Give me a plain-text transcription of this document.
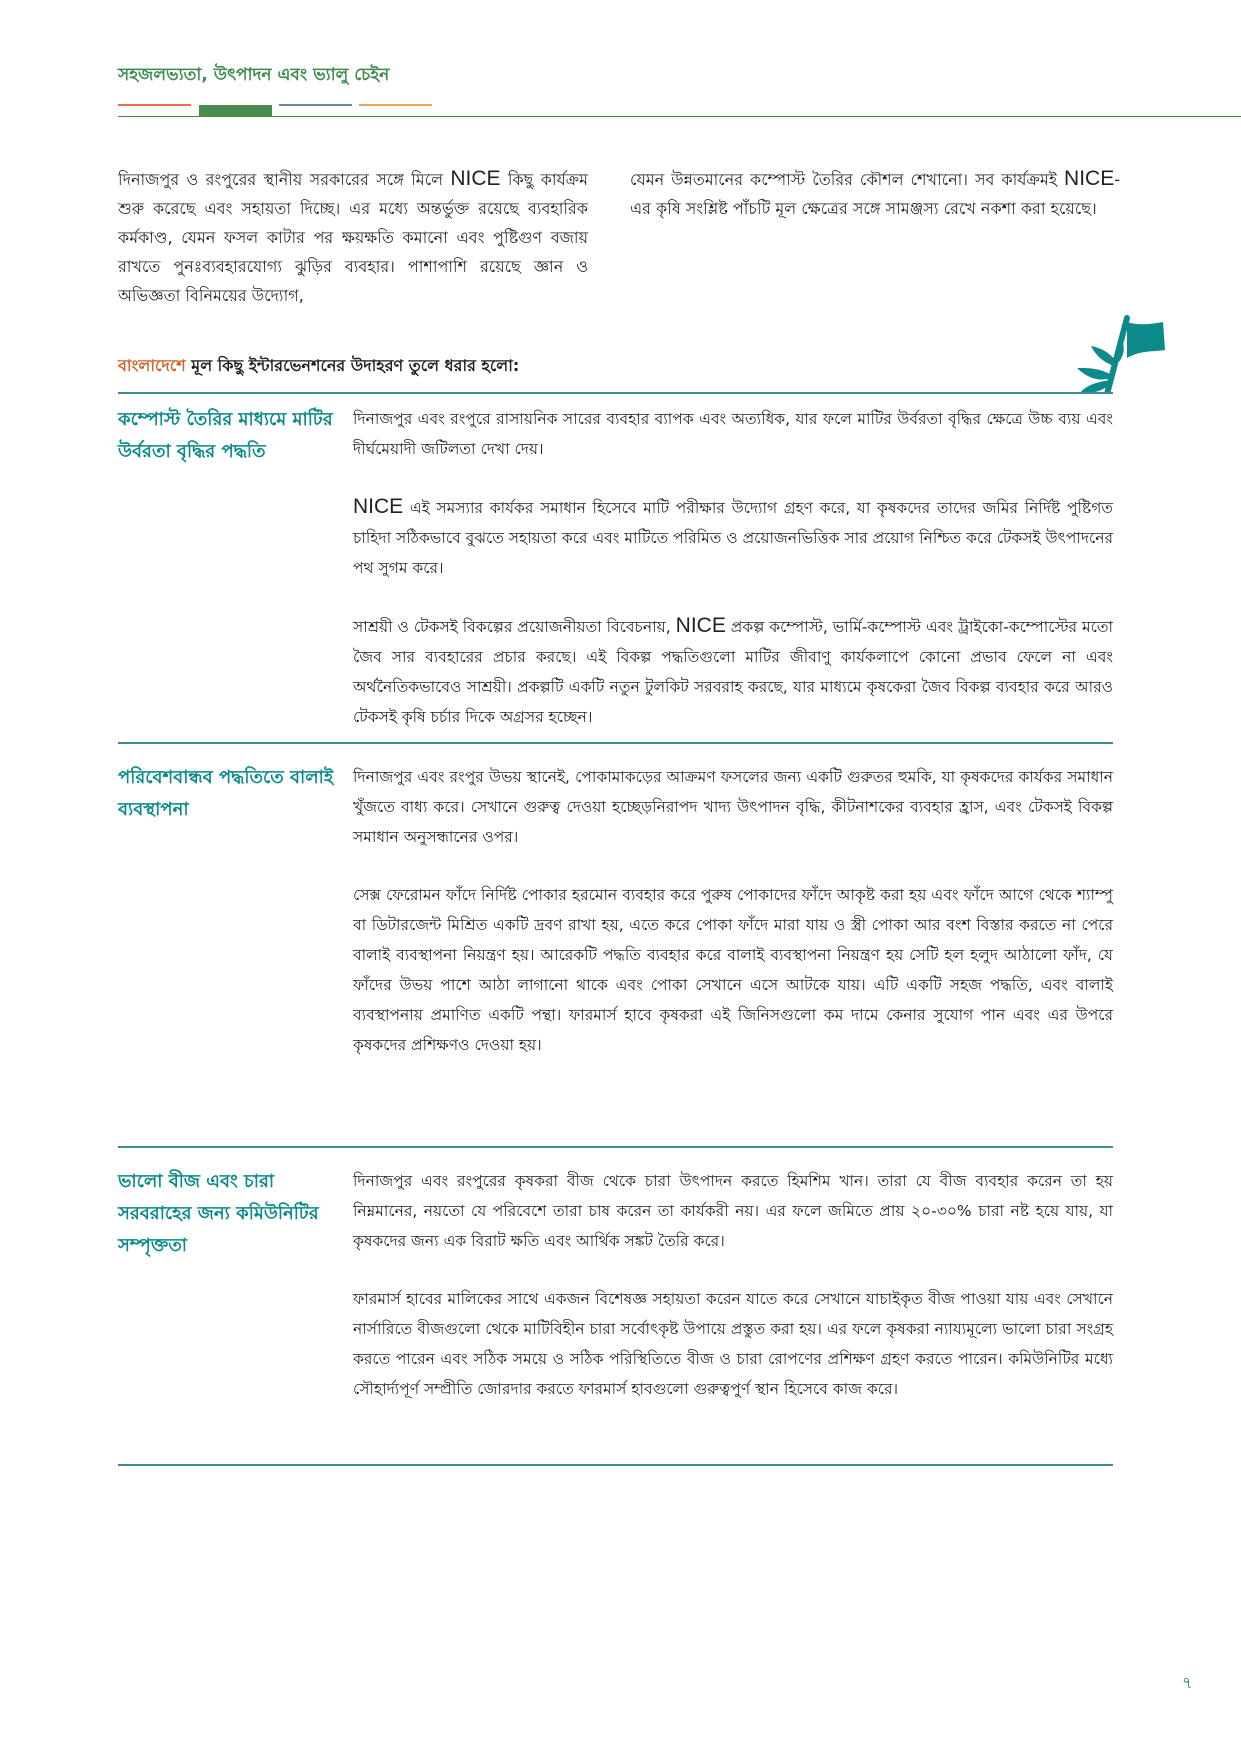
সহজলভ্যতা, উৎপাদন এবং ভ্যালু চেইন
দিনাজপুর ও রংপুরের স্থানীয় সরকারের সঙ্গে মিলে NICE কিছু কার্যক্রম শুরু করেছে এবং সহায়তা দিচ্ছে। এর মধ্যে অন্তর্ভুক্ত রয়েছে ব্যবহারিক কর্মকাণ্ড, যেমন ফসল কাটার পর ক্ষয়ক্ষতি কমানো এবং পুষ্টিগুণ বজায় রাখতে পুনঃব্যবহারযোগ্য ঝুড়ির ব্যবহার। পাশাপাশি রয়েছে জ্ঞান ও অভিজ্ঞতা বিনিময়ের উদ্যোগ,
যেমন উন্নতমানের কম্পোস্ট তৈরির কৌশল শেখানো। সব কার্যক্রমই NICE-এর কৃষি সংশ্লিষ্ট পাঁচটি মূল ক্ষেত্রের সঙ্গে সামঞ্জস্য রেখে নকশা করা হয়েছে।
বাংলাদেশে মূল কিছু ইন্টারভেনশনের উদাহরণ তুলে ধরার হলো:
কম্পোস্ট তৈরির মাধ্যমে মাটির উর্বরতা বৃদ্ধির পদ্ধতি

দিনাজপুর এবং রংপুরে রাসায়নিক সারের ব্যবহার ব্যাপক এবং অত্যধিক, যার ফলে মাটির উর্বরতা বৃদ্ধির ক্ষেত্রে উচ্চ ব্যয় এবং দীর্ঘমেয়াদী জটিলতা দেখা দেয়।

NICE এই সমস্যার কার্যকর সমাধান হিসেবে মাটি পরীক্ষার উদ্যোগ গ্রহণ করে, যা কৃষকদের তাদের জমির নির্দিষ্ট পুষ্টিগত চাহিদা সঠিকভাবে বুঝতে সহায়তা করে এবং মাটিতে পরিমিত ও প্রয়োজনভিত্তিক সার প্রয়োগ নিশ্চিত করে টেকসই উৎপাদনের পথ সুগম করে।

সাশ্রয়ী ও টেকসই বিকল্পের প্রয়োজনীয়তা বিবেচনায়, NICE প্রকল্প কম্পোস্ট, ভার্মি-কম্পোস্ট এবং ট্রাইকো-কম্পোস্টের মতো জৈব সার ব্যবহারের প্রচার করছে। এই বিকল্প পদ্ধতিগুলো মাটির জীবাণু কার্যকলাপে কোনো প্রভাব ফেলে না এবং অর্থনৈতিকভাবেও সাশ্রয়ী। প্রকল্পটি একটি নতুন টুলকিট সরবরাহ করছে, যার মাধ্যমে কৃষকেরা জৈব বিকল্প ব্যবহার করে আরও টেকসই কৃষি চর্চার দিকে অগ্রসর হচ্ছেন।

পরিবেশবান্ধব পদ্ধতিতে বালাই ব্যবস্থাপনা

দিনাজপুর এবং রংপুর উভয় স্থানেই, পোকামাকড়ের আক্রমণ ফসলের জন্য একটি গুরুতর হুমকি, যা কৃষকদের কার্যকর সমাধান খুঁজতে বাধ্য করে। সেখানে গুরুত্ব দেওয়া হচ্ছেড়নিরাপদ খাদ্য উৎপাদন বৃদ্ধি, কীটনাশকের ব্যবহার হ্রাস, এবং টেকসই বিকল্প সমাধান অনুসন্ধানের ওপর।

সেক্স ফেরোমন ফাঁদে নির্দিষ্ট পোকার হরমোন ব্যবহার করে পুরুষ পোকাদের ফাঁদে আকৃষ্ট করা হয় এবং ফাঁদে আগে থেকে শ্যাম্পু বা ডিটারজেন্ট মিশ্রিত একটি দ্রবণ রাখা হয়, এতে করে পোকা ফাঁদে মারা যায় ও স্ত্রী পোকা আর বংশ বিস্তার করতে না পেরে বালাই ব্যবস্থাপনা নিয়ন্ত্রণ হয়। আরেকটি পদ্ধতি ব্যবহার করে বালাই ব্যবস্থাপনা নিয়ন্ত্রণ হয় সেটি হল হলুদ আঠালো ফাঁদ, যে ফাঁদের উভয় পাশে আঠা লাগানো থাকে এবং পোকা সেখানে এসে আটকে যায়। এটি একটি সহজ পদ্ধতি, এবং বালাই ব্যবস্থাপনায় প্রমাণিত একটি পন্থা। ফারমার্স হাবে কৃষকরা এই জিনিসগুলো কম দামে কেনার সুযোগ পান এবং এর উপরে কৃষকদের প্রশিক্ষণও দেওয়া হয়।

ভালো বীজ এবং চারা সরবরাহের জন্য কমিউনিটির সম্পৃক্ততা

দিনাজপুর এবং রংপুরের কৃষকরা বীজ থেকে চারা উৎপাদন করতে হিমশিম খান। তারা যে বীজ ব্যবহার করেন তা হয় নিম্নমানের, নয়তো যে পরিবেশে তারা চাষ করেন তা কার্যকরী নয়। এর ফলে জমিতে প্রায় ২০-৩০% চারা নষ্ট হয়ে যায়, যা কৃষকদের জন্য এক বিরাট ক্ষতি এবং আর্থিক সঙ্কট তৈরি করে।

ফারমার্স হাবের মালিকের সাথে একজন বিশেষজ্ঞ সহায়তা করেন যাতে করে সেখানে যাচাইকৃত বীজ পাওয়া যায় এবং সেখানে নার্সারিতে বীজগুলো থেকে মাটিবিহীন চারা সর্বোৎকৃষ্ট উপায়ে প্রস্তুত করা হয়। এর ফলে কৃষকরা ন্যায্যমূল্যে ভালো চারা সংগ্রহ করতে পারেন এবং সঠিক সময়ে ও সঠিক পরিস্থিতিতে বীজ ও চারা রোপণের প্রশিক্ষণ গ্রহণ করতে পারেন। কমিউনিটির মধ্যে সৌহার্দ্যপূর্ণ সম্প্রীতি জোরদার করতে ফারমার্স হাবগুলো গুরুত্বপুর্ণ স্থান হিসেবে কাজ করে।

৭
